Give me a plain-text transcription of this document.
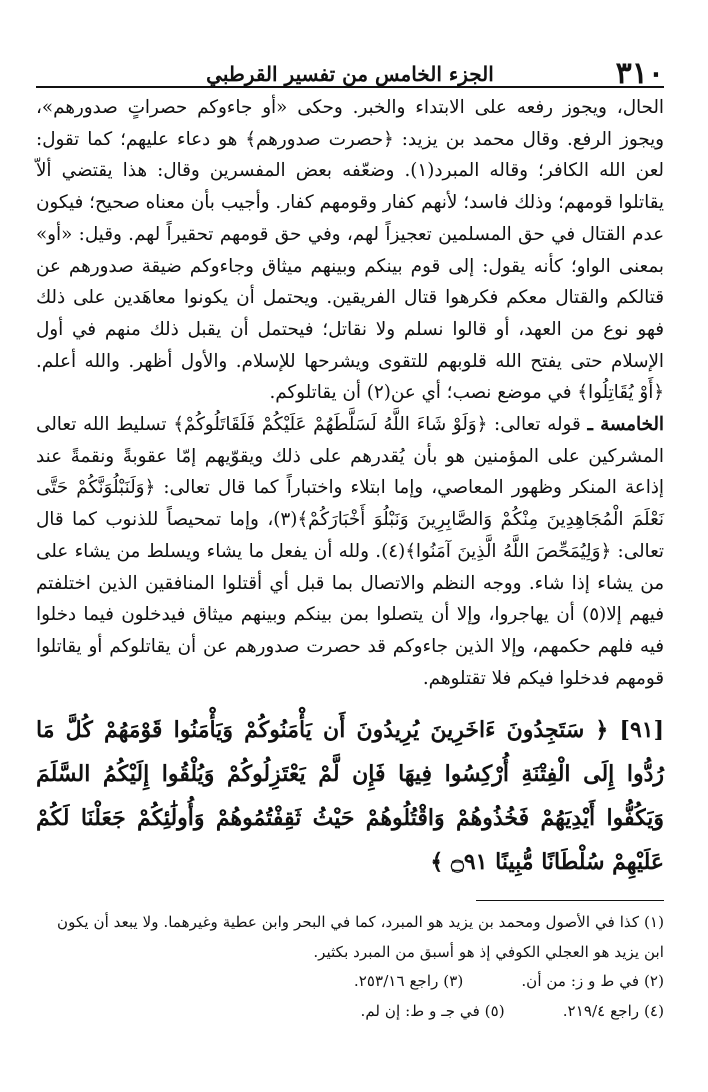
٣١٠
الجزء الخامس من تفسير القرطبي

الحال، ويجوز رفعه على الابتداء والخبر. وحكى «أو جاءوكم حصراتٍ صدورهم»، ويجوز الرفع. وقال محمد بن يزيد: ﴿حصرت صدورهم﴾ هو دعاء عليهم؛ كما تقول: لعن الله الكافر؛ وقاله المبرد(١). وضعّفه بعض المفسرين وقال: هذا يقتضي ألاّ يقاتلوا قومهم؛ وذلك فاسد؛ لأنهم كفار وقومهم كفار. وأجيب بأن معناه صحيح؛ فيكون عدم القتال في حق المسلمين تعجيزاً لهم، وفي حق قومهم تحقيراً لهم. وقيل: «أو» بمعنى الواو؛ كأنه يقول: إلى قوم بينكم وبينهم ميثاق وجاءوكم ضيقة صدورهم عن قتالكم والقتال معكم فكرهوا قتال الفريقين. ويحتمل أن يكونوا معاهَدين على ذلك فهو نوع من العهد، أو قالوا نسلم ولا نقاتل؛ فيحتمل أن يقبل ذلك منهم في أول الإسلام حتى يفتح الله قلوبهم للتقوى ويشرحها للإسلام. والأول أظهر. والله أعلم. ﴿أَوْ يُقَاتِلُوا﴾ في موضع نصب؛ أي عن(٢) أن يقاتلوكم.

الخامسة ـ قوله تعالى: ﴿وَلَوْ شَاءَ اللَّهُ لَسَلَّطَهُمْ عَلَيْكُمْ فَلَقَاتَلُوكُمْ﴾ تسليط الله تعالى المشركين على المؤمنين هو بأن يُقدرهم على ذلك ويقوّيهم إمّا عقوبةً ونقمةً عند إذاعة المنكر وظهور المعاصي، وإما ابتلاء واختباراً كما قال تعالى: ﴿وَلَنَبْلُوَنَّكُمْ حَتَّى نَعْلَمَ الْمُجَاهِدِينَ مِنْكُمْ وَالصَّابِرِينَ وَنَبْلُوَ أَخْبَارَكُمْ﴾(٣)، وإما تمحيصاً للذنوب كما قال تعالى: ﴿وَلِيُمَحِّصَ اللَّهُ الَّذِينَ آمَنُوا﴾(٤). ولله أن يفعل ما يشاء ويسلط من يشاء على من يشاء إذا شاء. ووجه النظم والاتصال بما قبل أي أقتلوا المنافقين الذين اختلفتم فيهم إلا(٥) أن يهاجروا، وإلا أن يتصلوا بمن بينكم وبينهم ميثاق فيدخلون فيما دخلوا فيه فلهم حكمهم، وإلا الذين جاءوكم قد حصرت صدورهم عن أن يقاتلوكم أو يقاتلوا قومهم فدخلوا فيكم فلا تقتلوهم.

[٩١] ﴿ سَتَجِدُونَ ءَاخَرِينَ يُرِيدُونَ أَن يَأْمَنُوكُمْ وَيَأْمَنُوا قَوْمَهُمْ كُلَّ مَا رُدُّوا إِلَى الْفِتْنَةِ أُرْكِسُوا فِيهَا فَإِن لَّمْ يَعْتَزِلُوكُمْ وَيُلْقُوا إِلَيْكُمُ السَّلَمَ وَيَكُفُّوا أَيْدِيَهُمْ فَخُذُوهُمْ وَاقْتُلُوهُمْ حَيْثُ ثَقِفْتُمُوهُمْ وَأُولَٰئِكُمْ جَعَلْنَا لَكُمْ عَلَيْهِمْ سُلْطَانًا مُّبِينًا ۝٩١ ﴾
(١) كذا في الأصول ومحمد بن يزيد هو المبرد، كما في البحر وابن عطية وغيرهما. ولا يبعد أن يكون ابن يزيد هو العجلي الكوفي إذ هو أسبق من المبرد بكثير.
(٢) في ط و ز: من أن.
(٣) راجع ٢٥٣/١٦.
(٤) راجع ٢١٩/٤.
(٥) في جـ و ط: إن لم.
